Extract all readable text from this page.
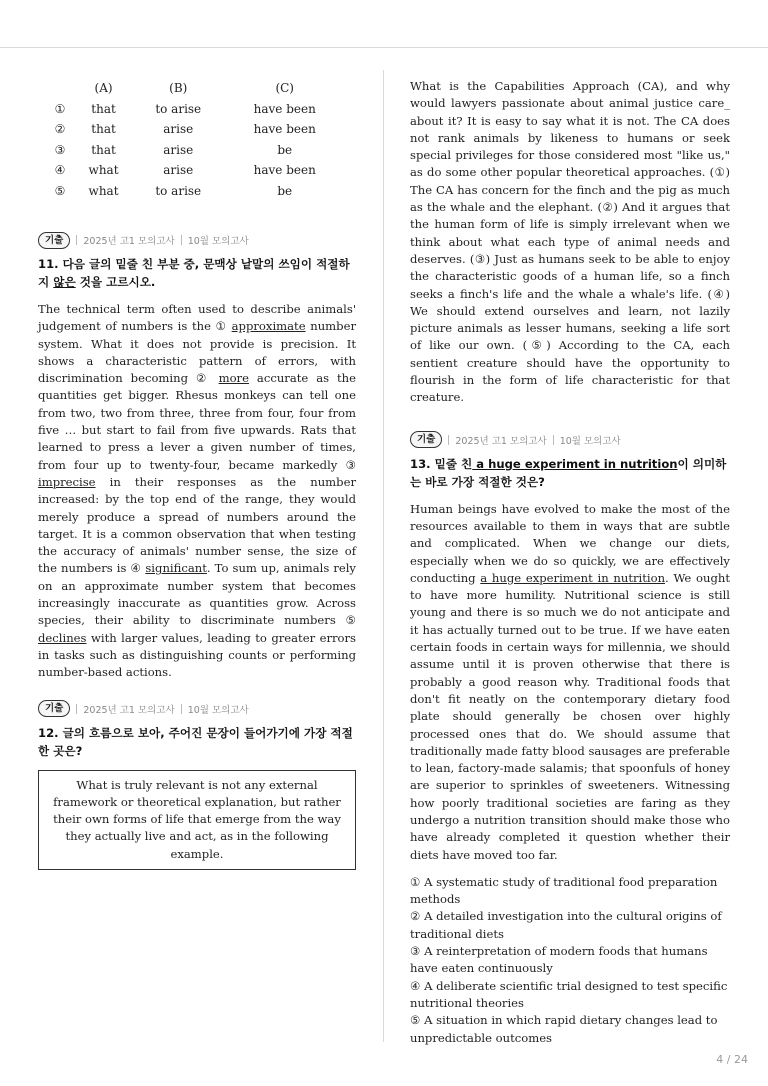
	(A)	(B)	(C)
①	that	to arise	have been
②	that	arise	have been
③	that	arise	be
④	what	arise	have been
⑤	what	to arise	be
기출	2025년 고1 모의고사 10월 모의고사
11. 다음 글의 밑줄 친 부분 중, 문맥상 낱말의 쓰임이 적절하지 않은 것을 고르시오.

The technical term often used to describe animals' judgement of numbers is the ① approximate number system. What it does not provide is precision. It shows a characteristic pattern of errors, with discrimination becoming ② more accurate as the quantities get bigger. Rhesus monkeys can tell one from two, two from three, three from four, four from five … but start to fail from five upwards. Rats that learned to press a lever a given number of times, from four up to twenty-four, became markedly ③ imprecise in their responses as the number increased: by the top end of the range, they would merely produce a spread of numbers around the target. It is a common observation that when testing the accuracy of animals' number sense, the size of the numbers is ④ significant. To sum up, animals rely on an approximate number system that becomes increasingly inaccurate as quantities grow. Across species, their ability to discriminate numbers ⑤ declines with larger values, leading to greater errors in tasks such as distinguishing counts or performing number-based actions.

기출	2025년 고1 모의고사 10월 모의고사
12. 글의 흐름으로 보아, 주어진 문장이 들어가기에 가장 적절한 곳은?
What is truly relevant is not any external framework or theoretical explanation, but rather their own forms of life that emerge from the way they actually live and act, as in the following example.

What is the Capabilities Approach (CA), and why would lawyers passionate about animal justice care_ about it? It is easy to say what it is not. The CA does not rank animals by likeness to humans or seek special privileges for those considered most "like us," as do some other popular theoretical approaches. (①) The CA has concern for the finch and the pig as much as the whale and the elephant. (②) And it argues that the human form of life is simply irrelevant when we think about what each type of animal needs and deserves. (③) Just as humans seek to be able to enjoy the characteristic goods of a human life, so a finch seeks a finch's life and the whale a whale's life. (④) We should extend ourselves and learn, not lazily picture animals as lesser humans, seeking a life sort of like our own. (⑤) According to the CA, each sentient creature should have the opportunity to flourish in the form of life characteristic for that creature.

기출	2025년 고1 모의고사 10월 모의고사
13. 밑줄 친 a huge experiment in nutrition이 의미하는 바로 가장 적절한 것은?

Human beings have evolved to make the most of the resources available to them in ways that are subtle and complicated. When we change our diets, especially when we do so quickly, we are effectively conducting a huge experiment in nutrition. We ought to have more humility. Nutritional science is still young and there is so much we do not anticipate and it has actually turned out to be true. If we have eaten certain foods in certain ways for millennia, we should assume until it is proven otherwise that there is probably a good reason why. Traditional foods that don't fit neatly on the contemporary dietary food plate should generally be chosen over highly processed ones that do. We should assume that traditionally made fatty blood sausages are preferable to lean, factory-made salamis; that spoonfuls of honey are superior to sprinkles of sweeteners. Witnessing how poorly traditional societies are faring as they undergo a nutrition transition should make those who have already completed it question whether their diets have moved too far.

① A systematic study of traditional food preparation methods
② A detailed investigation into the cultural origins of traditional diets
③ A reinterpretation of modern foods that humans have eaten continuously
④ A deliberate scientific trial designed to test specific nutritional theories
⑤ A situation in which rapid dietary changes lead to unpredictable outcomes
4 / 24
